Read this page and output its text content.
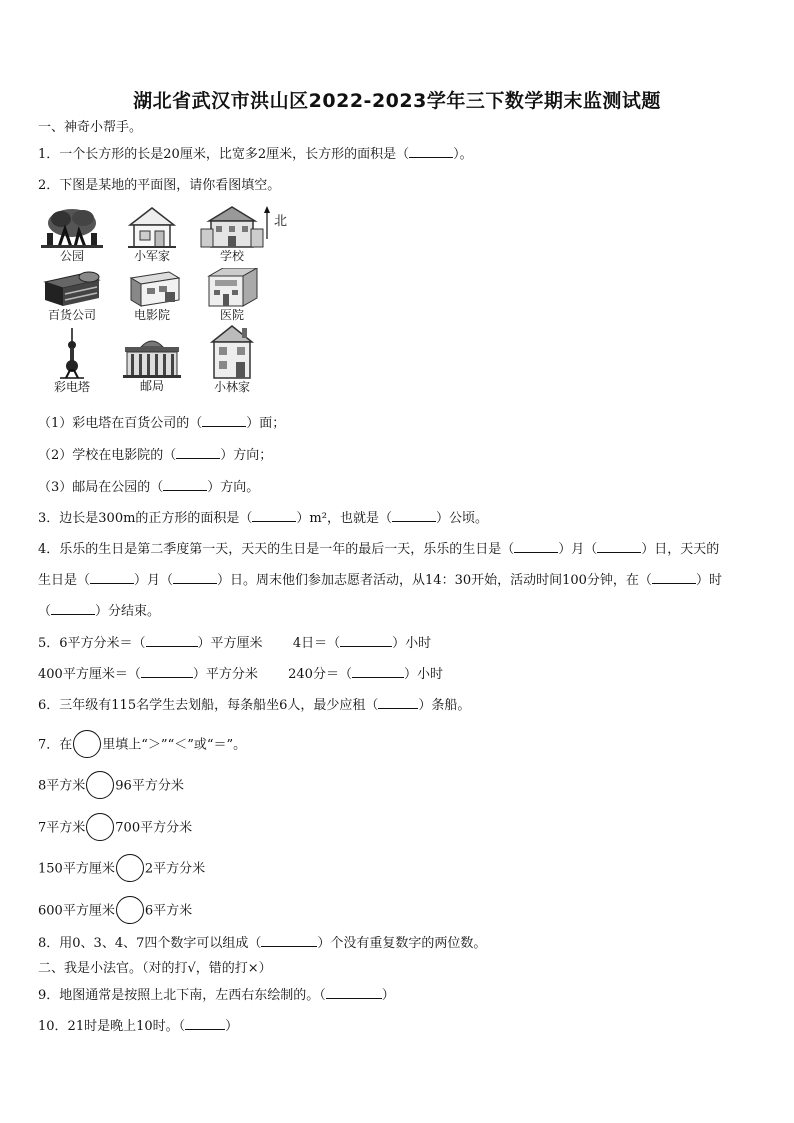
湖北省武汉市洪山区2022-2023学年三下数学期末监测试题
一、神奇小帮手。
1．一个长方形的长是20厘米，比宽多2厘米，长方形的面积是（	）。
2．下图是某地的平面图，请你看图填空。
公园	小军家	学校
北
百货公司	电影院	医院
彩电塔	邮局	小林家
（1）彩电塔在百货公司的（	）面；
（2）学校在电影院的（	）方向；
（3）邮局在公园的（	）方向。
3．边长是300m的正方形的面积是（	）m²，也就是（	）公顷。
4．乐乐的生日是第二季度第一天，天天的生日是一年的最后一天，乐乐的生日是（	）月（	）日，天天的
生日是（	）月（	）日。周末他们参加志愿者活动，从14：30开始，活动时间100分钟，在（	）时
（	）分结束。
5．6平方分米＝（	）平方厘米 4日＝（	）小时
400平方厘米＝（	）平方分米 240分＝（	）小时
6．三年级有115名学生去划船，每条船坐6人，最少应租（	）条船。
7．在 里填上“＞”“＜”或“＝”。
8平方米 96平方分米
7平方米 700平方分米
150平方厘米 2平方分米
600平方厘米 6平方米
8．用0、3、4、7四个数字可以组成（	）个没有重复数字的两位数。
二、我是小法官。（对的打√，错的打×）
9．地图通常是按照上北下南，左西右东绘制的。（	）
10．21时是晚上10时。（	）
